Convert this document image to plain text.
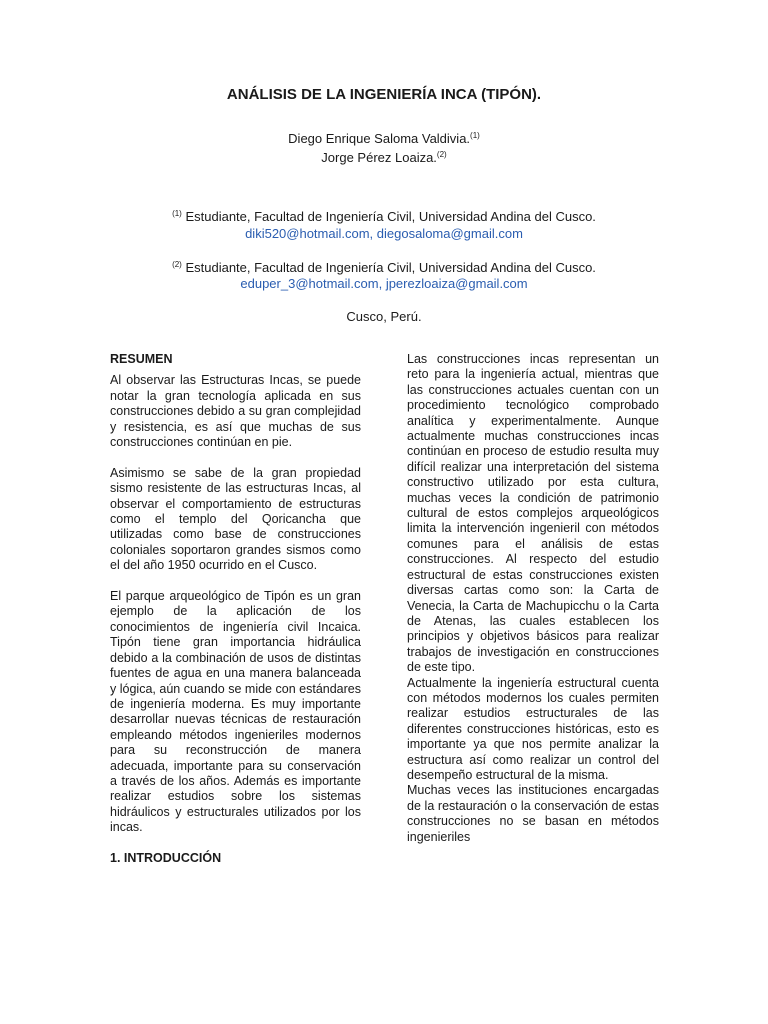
ANÁLISIS DE LA INGENIERÍA INCA (TIPÓN).
Diego Enrique Saloma Valdivia.$^{(1)}$
Jorge Pérez Loaiza.$^{(2)}$
$^{(1)}$ Estudiante, Facultad de Ingeniería Civil, Universidad Andina del Cusco.
diki520@hotmail.com, diegosaloma@gmail.com
$^{(2)}$ Estudiante, Facultad de Ingeniería Civil, Universidad Andina del Cusco.
eduper_3@hotmail.com, jperezloaiza@gmail.com
Cusco, Perú.
RESUMEN

Al observar las Estructuras Incas, se puede notar la gran tecnología aplicada en sus construcciones debido a su gran complejidad y resistencia, es así que muchas de sus construcciones continúan en pie.

Asimismo se sabe de la gran propiedad sismo resistente de las estructuras Incas, al observar el comportamiento de estructuras como el templo del Qoricancha que utilizadas como base de construcciones coloniales soportaron grandes sismos como el del año 1950 ocurrido en el Cusco.

El parque arqueológico de Tipón es un gran ejemplo de la aplicación de los conocimientos de ingeniería civil Incaica. Tipón tiene gran importancia hidráulica debido a la combinación de usos de distintas fuentes de agua en una manera balanceada y lógica, aún cuando se mide con estándares de ingeniería moderna. Es muy importante desarrollar nuevas técnicas de restauración empleando métodos ingenieriles modernos para su reconstrucción de manera adecuada, importante para su conservación a través de los años. Además es importante realizar estudios sobre los sistemas hidráulicos y estructurales utilizados por los incas.

1. INTRODUCCIÓN

Las construcciones incas representan un reto para la ingeniería actual, mientras que las construcciones actuales cuentan con un procedimiento tecnológico comprobado analítica y experimentalmente. Aunque actualmente muchas construcciones incas continúan en proceso de estudio resulta muy difícil realizar una interpretación del sistema constructivo utilizado por esta cultura, muchas veces la condición de patrimonio cultural de estos complejos arqueológicos limita la intervención ingenieril con métodos comunes para el análisis de estas construcciones. Al respecto del estudio estructural de estas construcciones existen diversas cartas como son: la Carta de Venecia, la Carta de Machupicchu o la Carta de Atenas, las cuales establecen los principios y objetivos básicos para realizar trabajos de investigación en construcciones de este tipo.

Actualmente la ingeniería estructural cuenta con métodos modernos los cuales permiten realizar estudios estructurales de las diferentes construcciones históricas, esto es importante ya que nos permite analizar la estructura así como realizar un control del desempeño estructural de la misma.

Muchas veces las instituciones encargadas de la restauración o la conservación de estas construcciones no se basan en métodos ingenieriles
